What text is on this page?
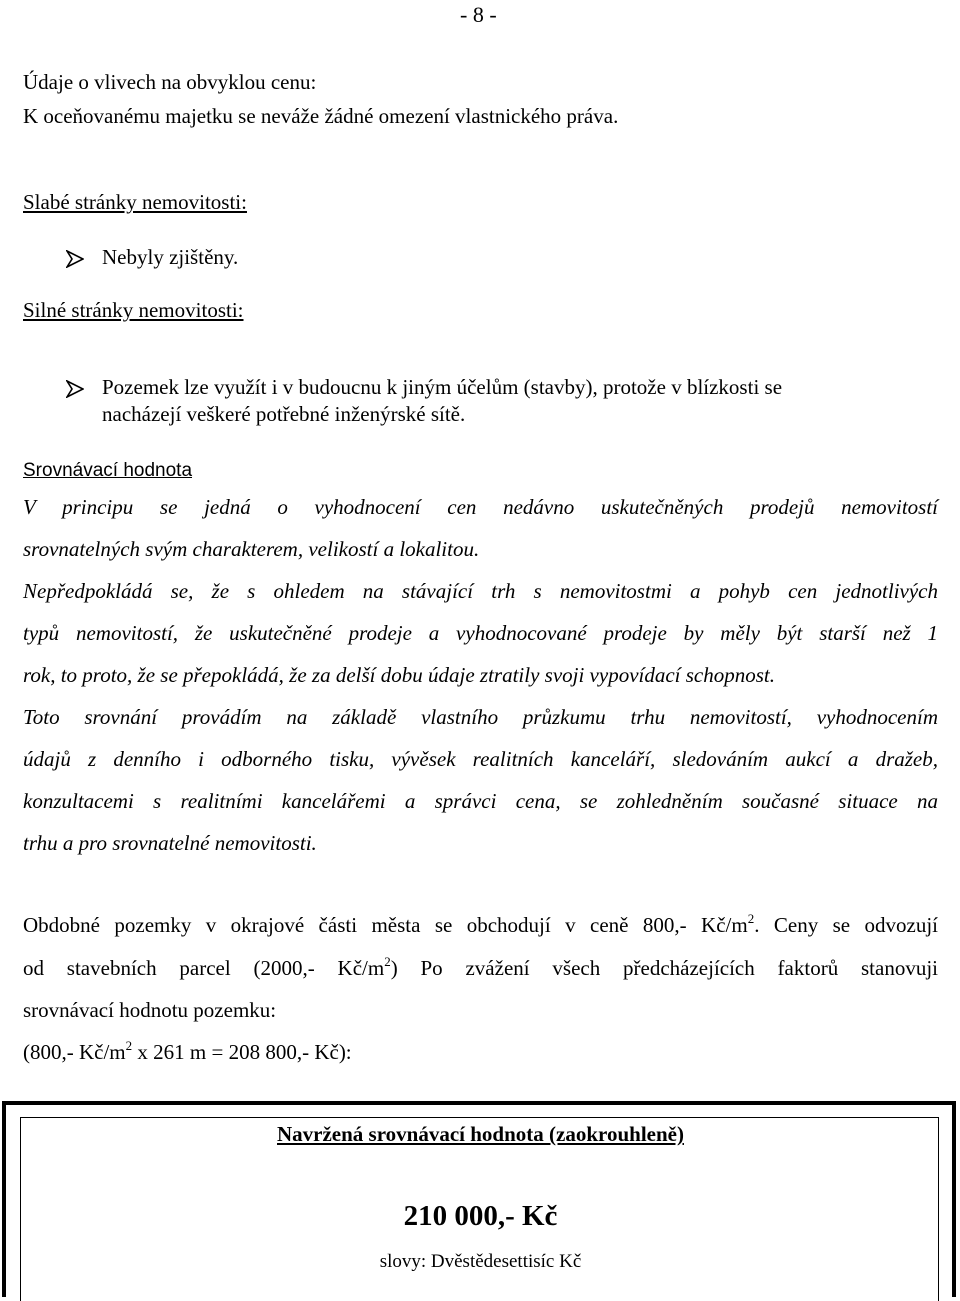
- 8 -
Údaje o vlivech na obvyklou cenu:
K oceňovanému majetku se neváže žádné omezení vlastnického práva.
Slabé stránky nemovitosti:
Nebyly zjištěny.
Silné stránky nemovitosti:
Pozemek lze využít i v budoucnu k jiným účelům (stavby), protože v blízkosti se
nacházejí veškeré potřebné inženýrské sítě.
Srovnávací hodnota
V principu se jedná o vyhodnocení cen nedávno uskutečněných prodejů nemovitostí
srovnatelných svým charakterem, velikostí a lokalitou.
Nepředpokládá se, že s ohledem na stávající trh s nemovitostmi a pohyb cen jednotlivých
typů nemovitostí, že uskutečněné prodeje a vyhodnocované prodeje by měly být starší než 1
rok, to proto, že se přepokládá, že za delší dobu údaje ztratily svoji vypovídací schopnost.
Toto srovnání provádím na základě vlastního průzkumu trhu nemovitostí, vyhodnocením
údajů z denního i odborného tisku, vývěsek realitních kanceláří, sledováním aukcí a dražeb,
konzultacemi s realitními kancelářemi a správci cena, se zohledněním současné situace na
trhu a pro srovnatelné nemovitosti.
Obdobné pozemky v okrajové části města se obchodují v ceně 800,- $Kč/m^2$. Ceny se odvozují
od stavebních parcel (2000,- $Kč/m^2$) Po zvážení všech předcházejících faktorů stanovuji
srovnávací hodnotu pozemku:
(800,- $Kč/m^2$ x 261 m = 208 800,- Kč):
Navržená srovnávací hodnota (zaokrouhleně)
210 000,- Kč
slovy: Dvěstědesettisíc Kč
